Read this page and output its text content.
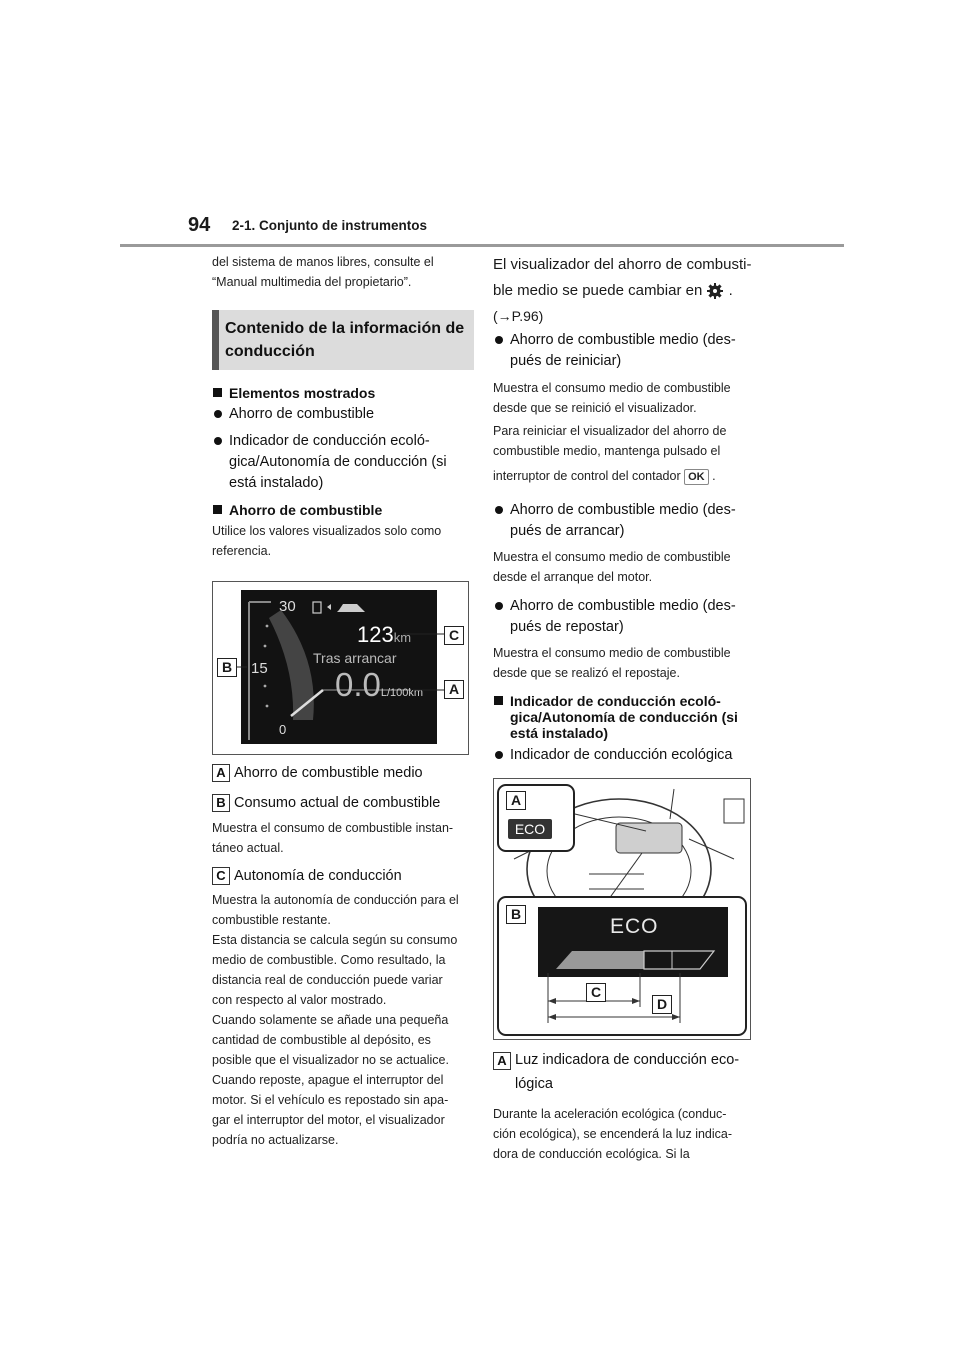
94 2-1. Conjunto de instrumentos

del sistema de manos libres, consulte el

“Manual multimedia del propietario”.

Contenido de la información de
conducción
Elementos mostrados
Ahorro de combustible
Indicador de conducción ecoló-
gica/Autonomía de conducción (si
está instalado)
Ahorro de combustible

Utilice los valores visualizados solo como

referencia.

30
15
0
123km
Tras arrancar
0.0L/100km
B
C
A
A Ahorro de combustible medio
B Consumo actual de combustible

Muestra el consumo de combustible instan-

táneo actual.

C Autonomía de conducción

Muestra la autonomía de conducción para el

combustible restante.

Esta distancia se calcula según su consumo

medio de combustible. Como resultado, la

distancia real de conducción puede variar

con respecto al valor mostrado.

Cuando solamente se añade una pequeña

cantidad de combustible al depósito, es

posible que el visualizador no se actualice.

Cuando reposte, apague el interruptor del

motor. Si el vehículo es repostado sin apa-

gar el interruptor del motor, el visualizador

podría no actualizarse.

El visualizador del ahorro de combusti-

ble medio se puede cambiar en .

(→P.96)

Ahorro de combustible medio (des-
pués de reiniciar)

Muestra el consumo medio de combustible

desde que se reinició el visualizador.

Para reiniciar el visualizador del ahorro de

combustible medio, mantenga pulsado el

interruptor de control del contador OK .

Ahorro de combustible medio (des-
pués de arrancar)

Muestra el consumo medio de combustible

desde el arranque del motor.

Ahorro de combustible medio (des-
pués de repostar)

Muestra el consumo medio de combustible

desde que se realizó el repostaje.

Indicador de conducción ecoló-
gica/Autonomía de conducción (si
está instalado)
Indicador de conducción ecológica
ECO
ECO
A
B
C
D
A Luz indicadora de conducción eco-
lógica

Durante la aceleración ecológica (conduc-

ción ecológica), se encenderá la luz indica-

dora de conducción ecológica. Si la
